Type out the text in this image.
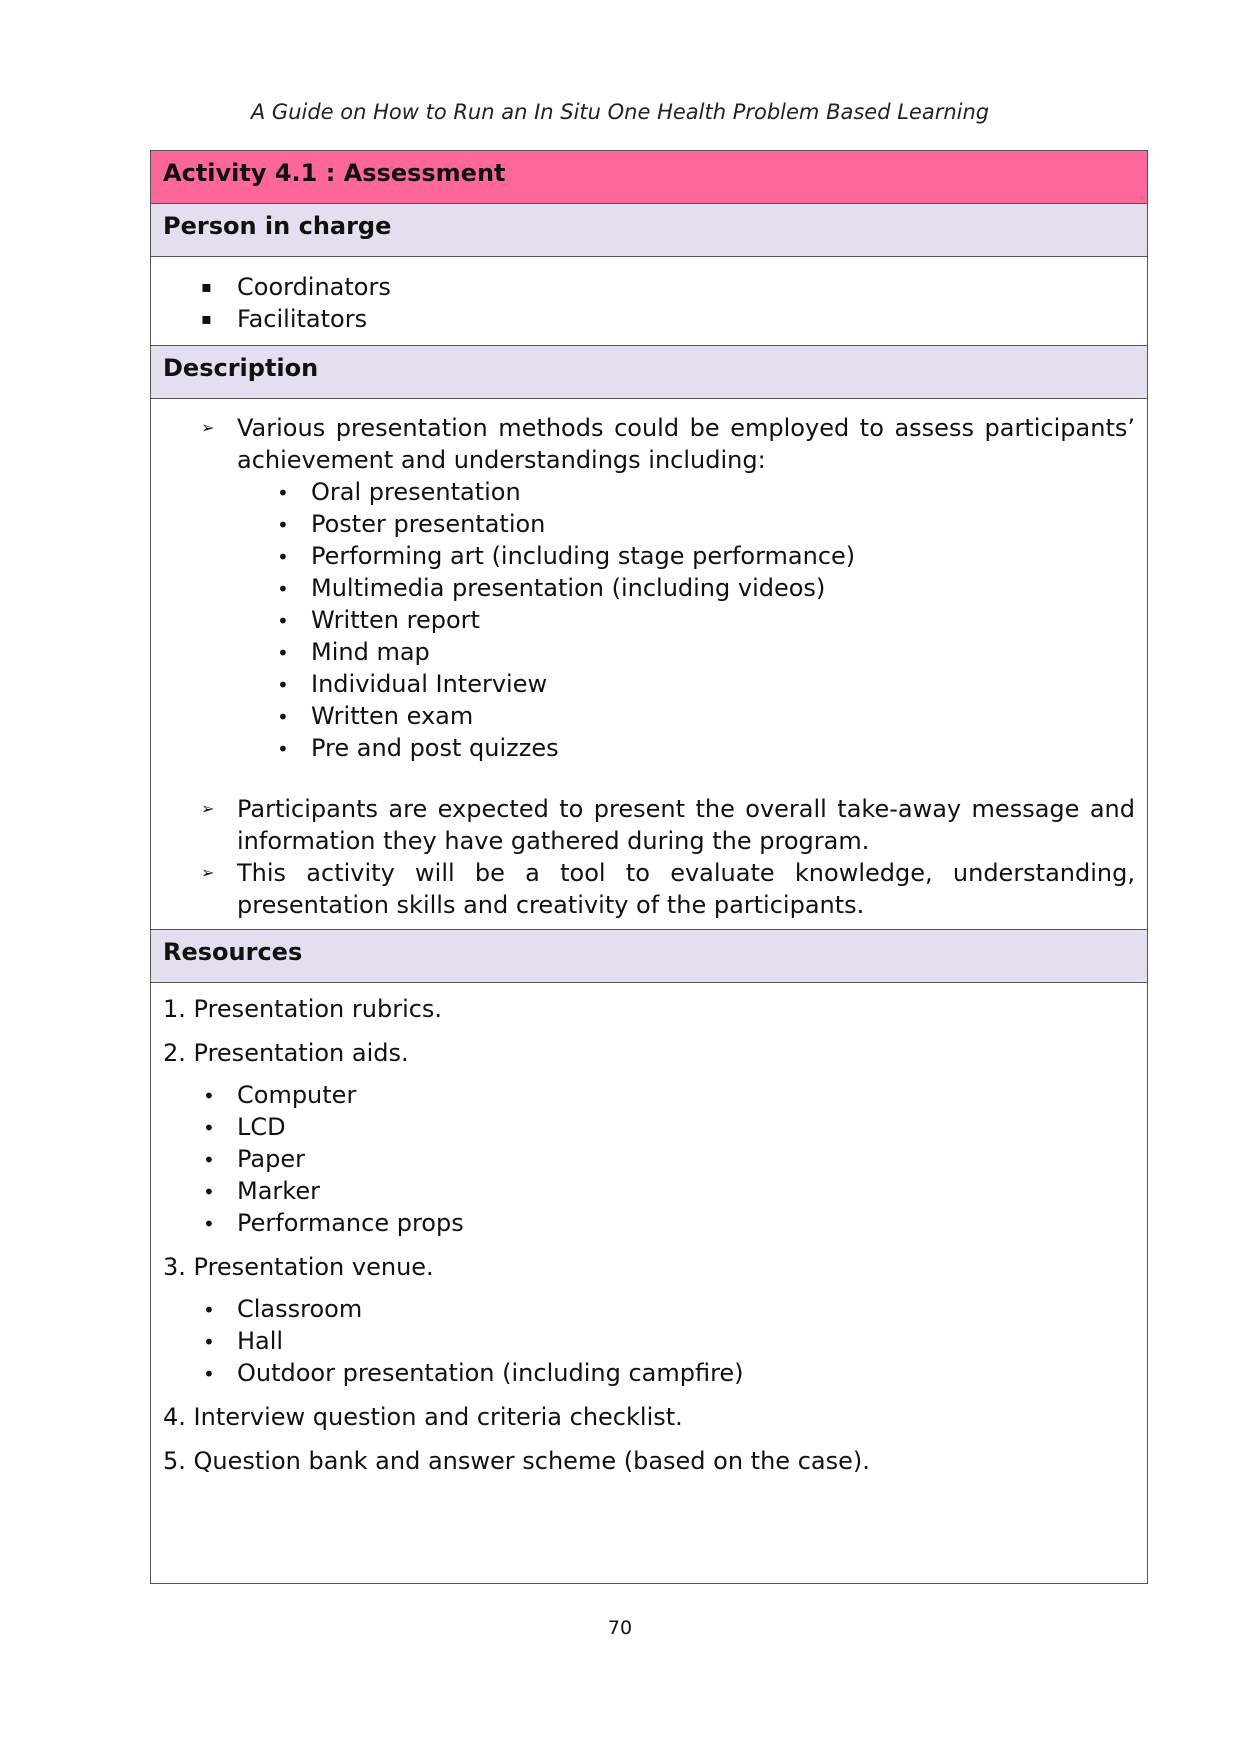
A Guide on How to Run an In Situ One Health Problem Based Learning
Activity 4.1 : Assessment
Person in charge
▪ Coordinators
▪ Facilitators
Description
➢ Various presentation methods could be employed to assess participants’ achievement and understandings including:
• Oral presentation
• Poster presentation
• Performing art (including stage performance)
• Multimedia presentation (including videos)
• Written report
• Mind map
• Individual Interview
• Written exam
• Pre and post quizzes
➢ Participants are expected to present the overall take-away message and information they have gathered during the program.
➢ This activity will be a tool to evaluate knowledge, understanding, presentation skills and creativity of the participants.
Resources

1. Presentation rubrics.

2. Presentation aids.

• Computer
• LCD
• Paper
• Marker
• Performance props

3. Presentation venue.

• Classroom
• Hall
• Outdoor presentation (including campfire)

4. Interview question and criteria checklist.

5. Question bank and answer scheme (based on the case).

70
